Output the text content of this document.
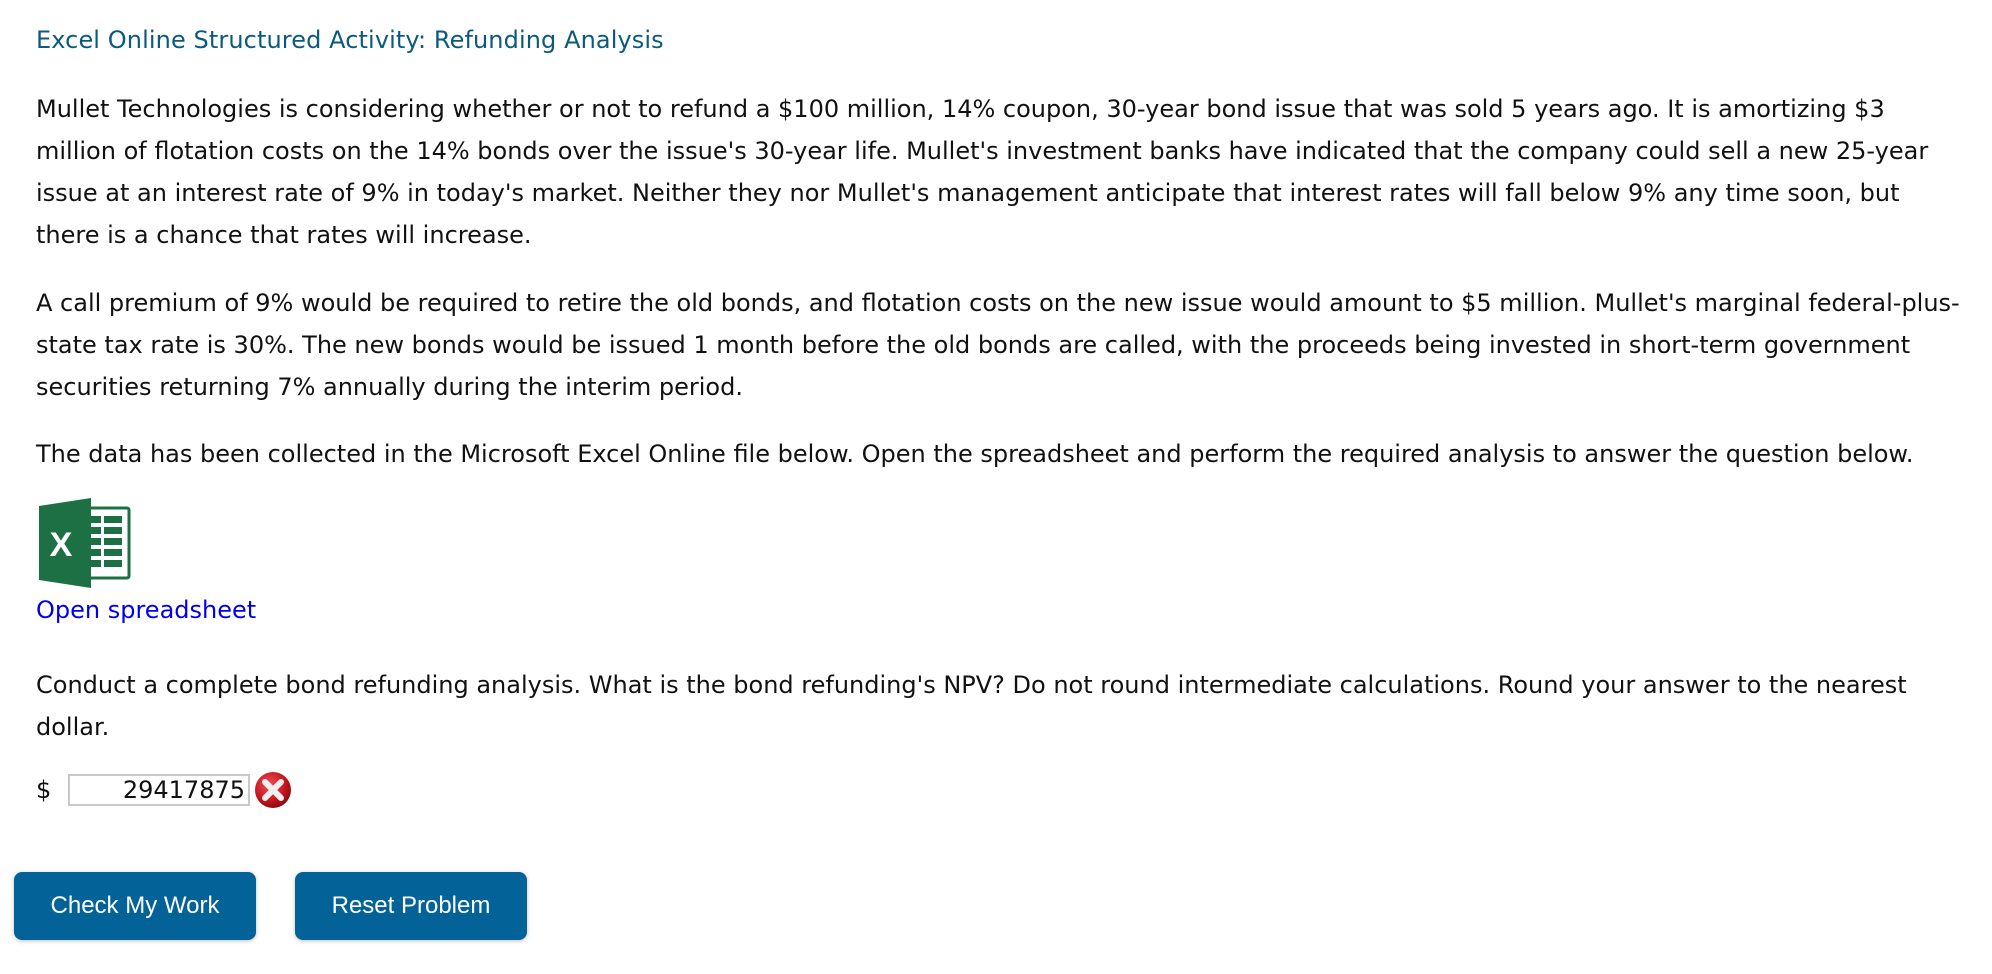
Excel Online Structured Activity: Refunding Analysis

Mullet Technologies is considering whether or not to refund a $100 million, 14% coupon, 30-year bond issue that was sold 5 years ago. It is amortizing $3 million of flotation costs on the 14% bonds over the issue's 30-year life. Mullet's investment banks have indicated that the company could sell a new 25-year issue at an interest rate of 9% in today's market. Neither they nor Mullet's management anticipate that interest rates will fall below 9% any time soon, but there is a chance that rates will increase.

A call premium of 9% would be required to retire the old bonds, and flotation costs on the new issue would amount to $5 million. Mullet's marginal federal-plus-state tax rate is 30%. The new bonds would be issued 1 month before the old bonds are called, with the proceeds being invested in short-term government securities returning 7% annually during the interim period.

The data has been collected in the Microsoft Excel Online file below. Open the spreadsheet and perform the required analysis to answer the question below.

X
Open spreadsheet

Conduct a complete bond refunding analysis. What is the bond refunding's NPV? Do not round intermediate calculations. Round your answer to the nearest dollar.

$
29417875
Check My Work	Reset Problem
